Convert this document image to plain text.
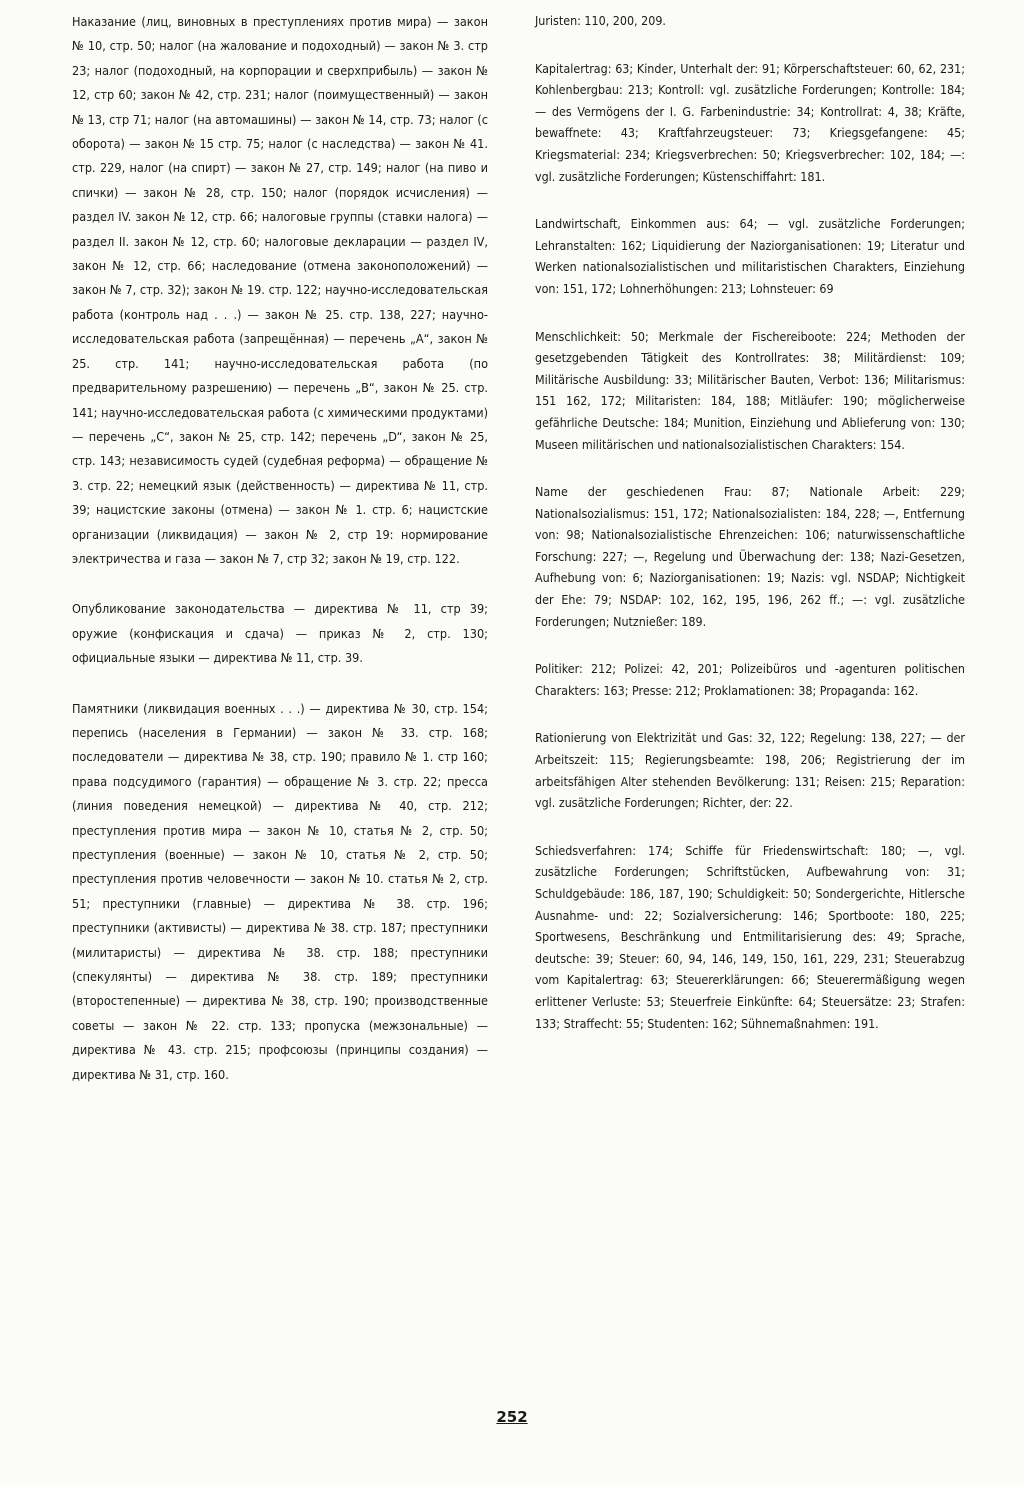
Наказание (лиц, виновных в преступлениях против мира) — закон № 10, стр. 50; налог (на жалование и подоходный) — закон № 3. стр 23; налог (подоходный, на корпорации и сверхприбыль) — закон № 12, стр 60; закон № 42, стр. 231; налог (поимущественный) — закон № 13, стр 71; налог (на автомашины) — закон № 14, стр. 73; налог (с оборота) — закон № 15 стр. 75; налог (с наследства) — закон № 41. стр. 229, налог (на спирт) — закон № 27, стр. 149; налог (на пиво и спички) — закон № 28, стр. 150; налог (порядок исчисления) — раздел IV. закон № 12, стр. 66; налоговые группы (ставки налога) — раздел II. закон № 12, стр. 60; налоговые декларации — раздел IV, закон № 12, стр. 66; наследование (отмена законоположений) — закон № 7, стр. 32); закон № 19. стр. 122; научно-исследовательская работа (контроль над . . .) — закон № 25. стр. 138, 227; научно-исследовательская работа (запрещённая) — перечень „А“, закон № 25. стр. 141; научно-исследовательская работа (по предварительному разрешению) — перечень „В“, закон № 25. стр. 141; научно-исследовательская работа (с химическими продуктами) — перечень „С“, закон № 25, стр. 142; перечень „D“, закон № 25, стр. 143; независимость судей (судебная реформа) — обращение № 3. стр. 22; немецкий язык (действенность) — директива № 11, стр. 39; нацистские законы (отмена) — закон № 1. стр. 6; нацистские организации (ликвидация) — закон № 2, стр 19: нормирование электричества и газа — закон № 7, стр 32; закон № 19, стр. 122.

Опубликование законодательства — директива № 11, стр 39; оружие (конфискация и сдача) — приказ № 2, стр. 130; официальные языки — директива № 11, стр. 39.

Памятники (ликвидация военных . . .) — директива № 30, стр. 154; перепись (населения в Германии) — закон № 33. стр. 168; последователи — директива № 38, стр. 190; правило № 1. стр 160; права подсудимого (гарантия) — обращение № 3. стр. 22; пресса (линия поведения немецкой) — директива № 40, стр. 212; преступления против мира — закон № 10, статья № 2, стр. 50; преступления (военные) — закон № 10, статья № 2, стр. 50; преступления против человечности — закон № 10. статья № 2, стр. 51; преступники (главные) — директива № 38. стр. 196; преступники (активисты) — директива № 38. стр. 187; преступники (милитаристы) — директива № 38. стр. 188; преступники (спекулянты) — директива № 38. стр. 189; преступники (второстепенные) — директива № 38, стр. 190; производственные советы — закон № 22. стр. 133; пропуска (межзональные) — директива № 43. стр. 215; профсоюзы (принципы создания) — директива № 31, стр. 160.

Juristen: 110, 200, 209.

Kapitalertrag: 63; Kinder, Unterhalt der: 91; Körperschaftsteuer: 60, 62, 231; Kohlenbergbau: 213; Kontroll: vgl. zusätzliche Forderungen; Kontrolle: 184; — des Vermögens der I. G. Farbenindustrie: 34; Kontrollrat: 4, 38; Kräfte, bewaffnete: 43; Kraftfahrzeugsteuer: 73; Kriegsgefangene: 45; Kriegsmaterial: 234; Kriegsverbrechen: 50; Kriegsverbrecher: 102, 184; —: vgl. zusätzliche Forderungen; Küstenschiffahrt: 181.

Landwirtschaft, Einkommen aus: 64; — vgl. zusätzliche Forderungen; Lehranstalten: 162; Liquidierung der Naziorganisationen: 19; Literatur und Werken nationalsozialistischen und militaristischen Charakters, Einziehung von: 151, 172; Lohnerhöhungen: 213; Lohnsteuer: 69

Menschlichkeit: 50; Merkmale der Fischereiboote: 224; Methoden der gesetzgebenden Tätigkeit des Kontrollrates: 38; Militärdienst: 109; Militärische Ausbildung: 33; Militärischer Bauten, Verbot: 136; Militarismus: 151 162, 172; Militaristen: 184, 188; Mitläufer: 190; möglicherweise gefährliche Deutsche: 184; Munition, Einziehung und Ablieferung von: 130; Museen militärischen und nationalsozialistischen Charakters: 154.

Name der geschiedenen Frau: 87; Nationale Arbeit: 229; Nationalsozialismus: 151, 172; Nationalsozialisten: 184, 228; —, Entfernung von: 98; Nationalsozialistische Ehrenzeichen: 106; naturwissenschaftliche Forschung: 227; —, Regelung und Überwachung der: 138; Nazi-Gesetzen, Aufhebung von: 6; Naziorganisationen: 19; Nazis: vgl. NSDAP; Nichtigkeit der Ehe: 79; NSDAP: 102, 162, 195, 196, 262 ff.; —: vgl. zusätzliche Forderungen; Nutznießer: 189.

Politiker: 212; Polizei: 42, 201; Polizeibüros und -agenturen politischen Charakters: 163; Presse: 212; Proklamationen: 38; Propaganda: 162.

Rationierung von Elektrizität und Gas: 32, 122; Regelung: 138, 227; — der Arbeitszeit: 115; Regierungsbeamte: 198, 206; Registrierung der im arbeitsfähigen Alter stehenden Bevölkerung: 131; Reisen: 215; Reparation: vgl. zusätzliche Forderungen; Richter, der: 22.

Schiedsverfahren: 174; Schiffe für Friedenswirtschaft: 180; —, vgl. zusätzliche Forderungen; Schriftstücken, Aufbewahrung von: 31; Schuldgebäude: 186, 187, 190; Schuldigkeit: 50; Sondergerichte, Hitlersche Ausnahme- und: 22; Sozialversicherung: 146; Sportboote: 180, 225; Sportwesens, Beschränkung und Entmilitarisierung des: 49; Sprache, deutsche: 39; Steuer: 60, 94, 146, 149, 150, 161, 229, 231; Steuerabzug vom Kapitalertrag: 63; Steuererklärungen: 66; Steuerermäßigung wegen erlittener Verluste: 53; Steuerfreie Einkünfte: 64; Steuersätze: 23; Strafen: 133; Straffecht: 55; Studenten: 162; Sühnemaßnahmen: 191.

252
